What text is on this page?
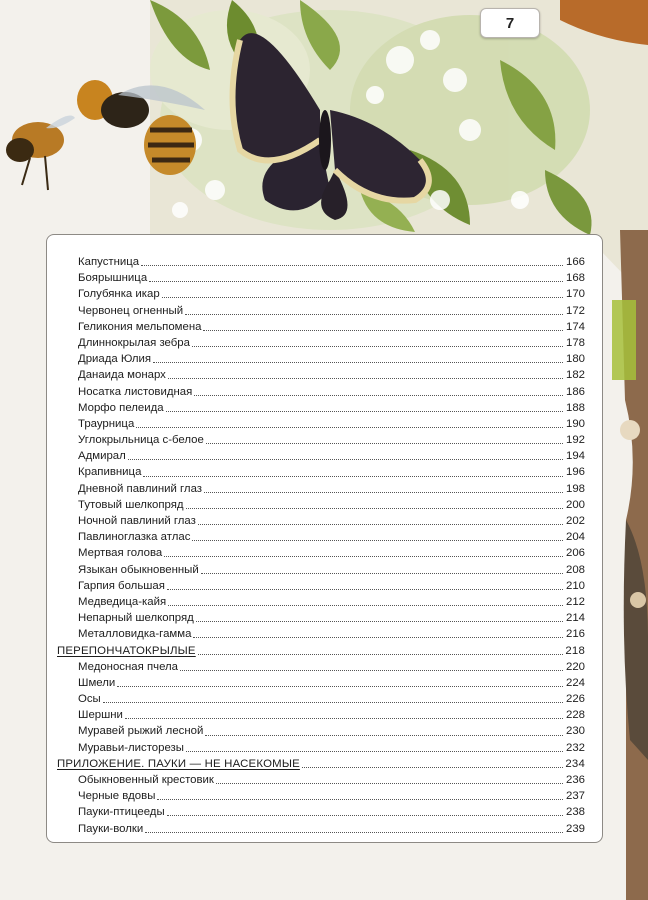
7
Капустница	166
Боярышница	168
Голубянка икар	170
Червонец огненный	172
Геликония мельпомена	174
Длиннокрылая зебра	178
Дриада Юлия	180
Данаида монарх	182
Носатка листовидная	186
Морфо пелеида	188
Траурница	190
Углокрыльница с-белое	192
Адмирал	194
Крапивница	196
Дневной павлиний глаз	198
Тутовый шелкопряд	200
Ночной павлиний глаз	202
Павлиноглазка атлас	204
Мертвая голова	206
Языкан обыкновенный	208
Гарпия большая	210
Медведица-кайя	212
Непарный шелкопряд	214
Металловидка-гамма	216
ПЕРЕПОНЧАТОКРЫЛЫЕ	218
Медоносная пчела	220
Шмели	224
Осы	226
Шершни	228
Муравей рыжий лесной	230
Муравьи-листорезы	232
ПРИЛОЖЕНИЕ. ПАУКИ — НЕ НАСЕКОМЫЕ	234
Обыкновенный крестовик	236
Черные вдовы	237
Пауки-птицееды	238
Пауки-волки	239
